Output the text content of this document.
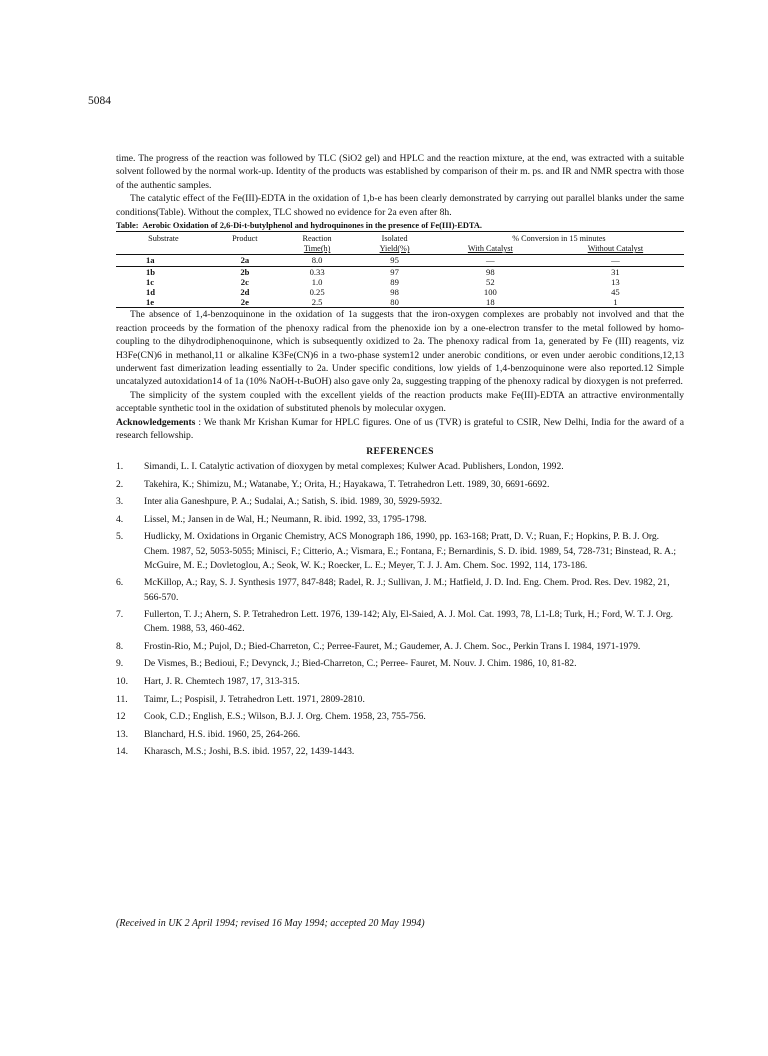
5084

time. The progress of the reaction was followed by TLC (SiO2 gel) and HPLC and the reaction mixture, at the end, was extracted with a suitable solvent followed by the normal work-up. Identity of the products was established by comparison of their m. ps. and IR and NMR spectra with those of the authentic samples.

The catalytic effect of the Fe(III)-EDTA in the oxidation of 1,b-e has been clearly demonstrated by carrying out parallel blanks under the same conditions(Table). Without the complex, TLC showed no evidence for 2a even after 8h.

Table: Aerobic Oxidation of 2,6-Di-t-butylphenol and hydroquinones in the presence of Fe(III)-EDTA.
Substrate	Product	Reaction	Isolated	% Conversion in 15 minutes	
		Time(h)	Yield(%)	With Catalyst	Without Catalyst
1a	2a	8.0	95	—	—
1b	2b	0.33	97	98	31
1c	2c	1.0	89	52	13
1d	2d	0.25	98	100	45
1e	2e	2.5	80	18	1

The absence of 1,4-benzoquinone in the oxidation of 1a suggests that the iron-oxygen complexes are probably not involved and that the reaction proceeds by the formation of the phenoxy radical from the phenoxide ion by a one-electron transfer to the metal followed by homo-coupling to the dihydrodiphenoquinone, which is subsequently oxidized to 2a. The phenoxy radical from 1a, generated by Fe (III) reagents, viz H3Fe(CN)6 in methanol,11 or alkaline K3Fe(CN)6 in a two-phase system12 under anerobic conditions, or even under aerobic conditions,12,13 underwent fast dimerization leading essentially to 2a. Under specific conditions, low yields of 1,4-benzoquinone were also reported.12 Simple uncatalyzed autoxidation14 of 1a (10% NaOH-t-BuOH) also gave only 2a, suggesting trapping of the phenoxy radical by dioxygen is not preferred.

The simplicity of the system coupled with the excellent yields of the reaction products make Fe(III)-EDTA an attractive environmentally acceptable synthetic tool in the oxidation of substituted phenols by molecular oxygen.

Acknowledgements : We thank Mr Krishan Kumar for HPLC figures. One of us (TVR) is grateful to CSIR, New Delhi, India for the award of a research fellowship.

REFERENCES
1.	Simandi, L. I. Catalytic activation of dioxygen by metal complexes; Kulwer Acad. Publishers, London, 1992.
2.	Takehira, K.; Shimizu, M.; Watanabe, Y.; Orita, H.; Hayakawa, T. Tetrahedron Lett. 1989, 30, 6691-6692.
3.	Inter alia Ganeshpure, P. A.; Sudalai, A.; Satish, S. ibid. 1989, 30, 5929-5932.
4.	Lissel, M.; Jansen in de Wal, H.; Neumann, R. ibid. 1992, 33, 1795-1798.
5.	Hudlicky, M. Oxidations in Organic Chemistry, ACS Monograph 186, 1990, pp. 163-168; Pratt, D. V.; Ruan, F.; Hopkins, P. B. J. Org. Chem. 1987, 52, 5053-5055; Minisci, F.; Citterio, A.; Vismara, E.; Fontana, F.; Bernardinis, S. D. ibid. 1989, 54, 728-731; Binstead, R. A.; McGuire, M. E.; Dovletoglou, A.; Seok, W. K.; Roecker, L. E.; Meyer, T. J. J. Am. Chem. Soc. 1992, 114, 173-186.
6.	McKillop, A.; Ray, S. J. Synthesis 1977, 847-848; Radel, R. J.; Sullivan, J. M.; Hatfield, J. D. Ind. Eng. Chem. Prod. Res. Dev. 1982, 21, 566-570.
7.	Fullerton, T. J.; Ahern, S. P. Tetrahedron Lett. 1976, 139-142; Aly, El-Saied, A. J. Mol. Cat. 1993, 78, L1-L8; Turk, H.; Ford, W. T. J. Org. Chem. 1988, 53, 460-462.
8.	Frostin-Rio, M.; Pujol, D.; Bied-Charreton, C.; Perree-Fauret, M.; Gaudemer, A. J. Chem. Soc., Perkin Trans I. 1984, 1971-1979.
9.	De Vismes, B.; Bedioui, F.; Devynck, J.; Bied-Charreton, C.; Perree- Fauret, M. Nouv. J. Chim. 1986, 10, 81-82.
10.	Hart, J. R. Chemtech 1987, 17, 313-315.
11.	Taimr, L.; Pospisil, J. Tetrahedron Lett. 1971, 2809-2810.
12	Cook, C.D.; English, E.S.; Wilson, B.J. J. Org. Chem. 1958, 23, 755-756.
13.	Blanchard, H.S. ibid. 1960, 25, 264-266.
14.	Kharasch, M.S.; Joshi, B.S. ibid. 1957, 22, 1439-1443.
(Received in UK 2 April 1994; revised 16 May 1994; accepted 20 May 1994)
